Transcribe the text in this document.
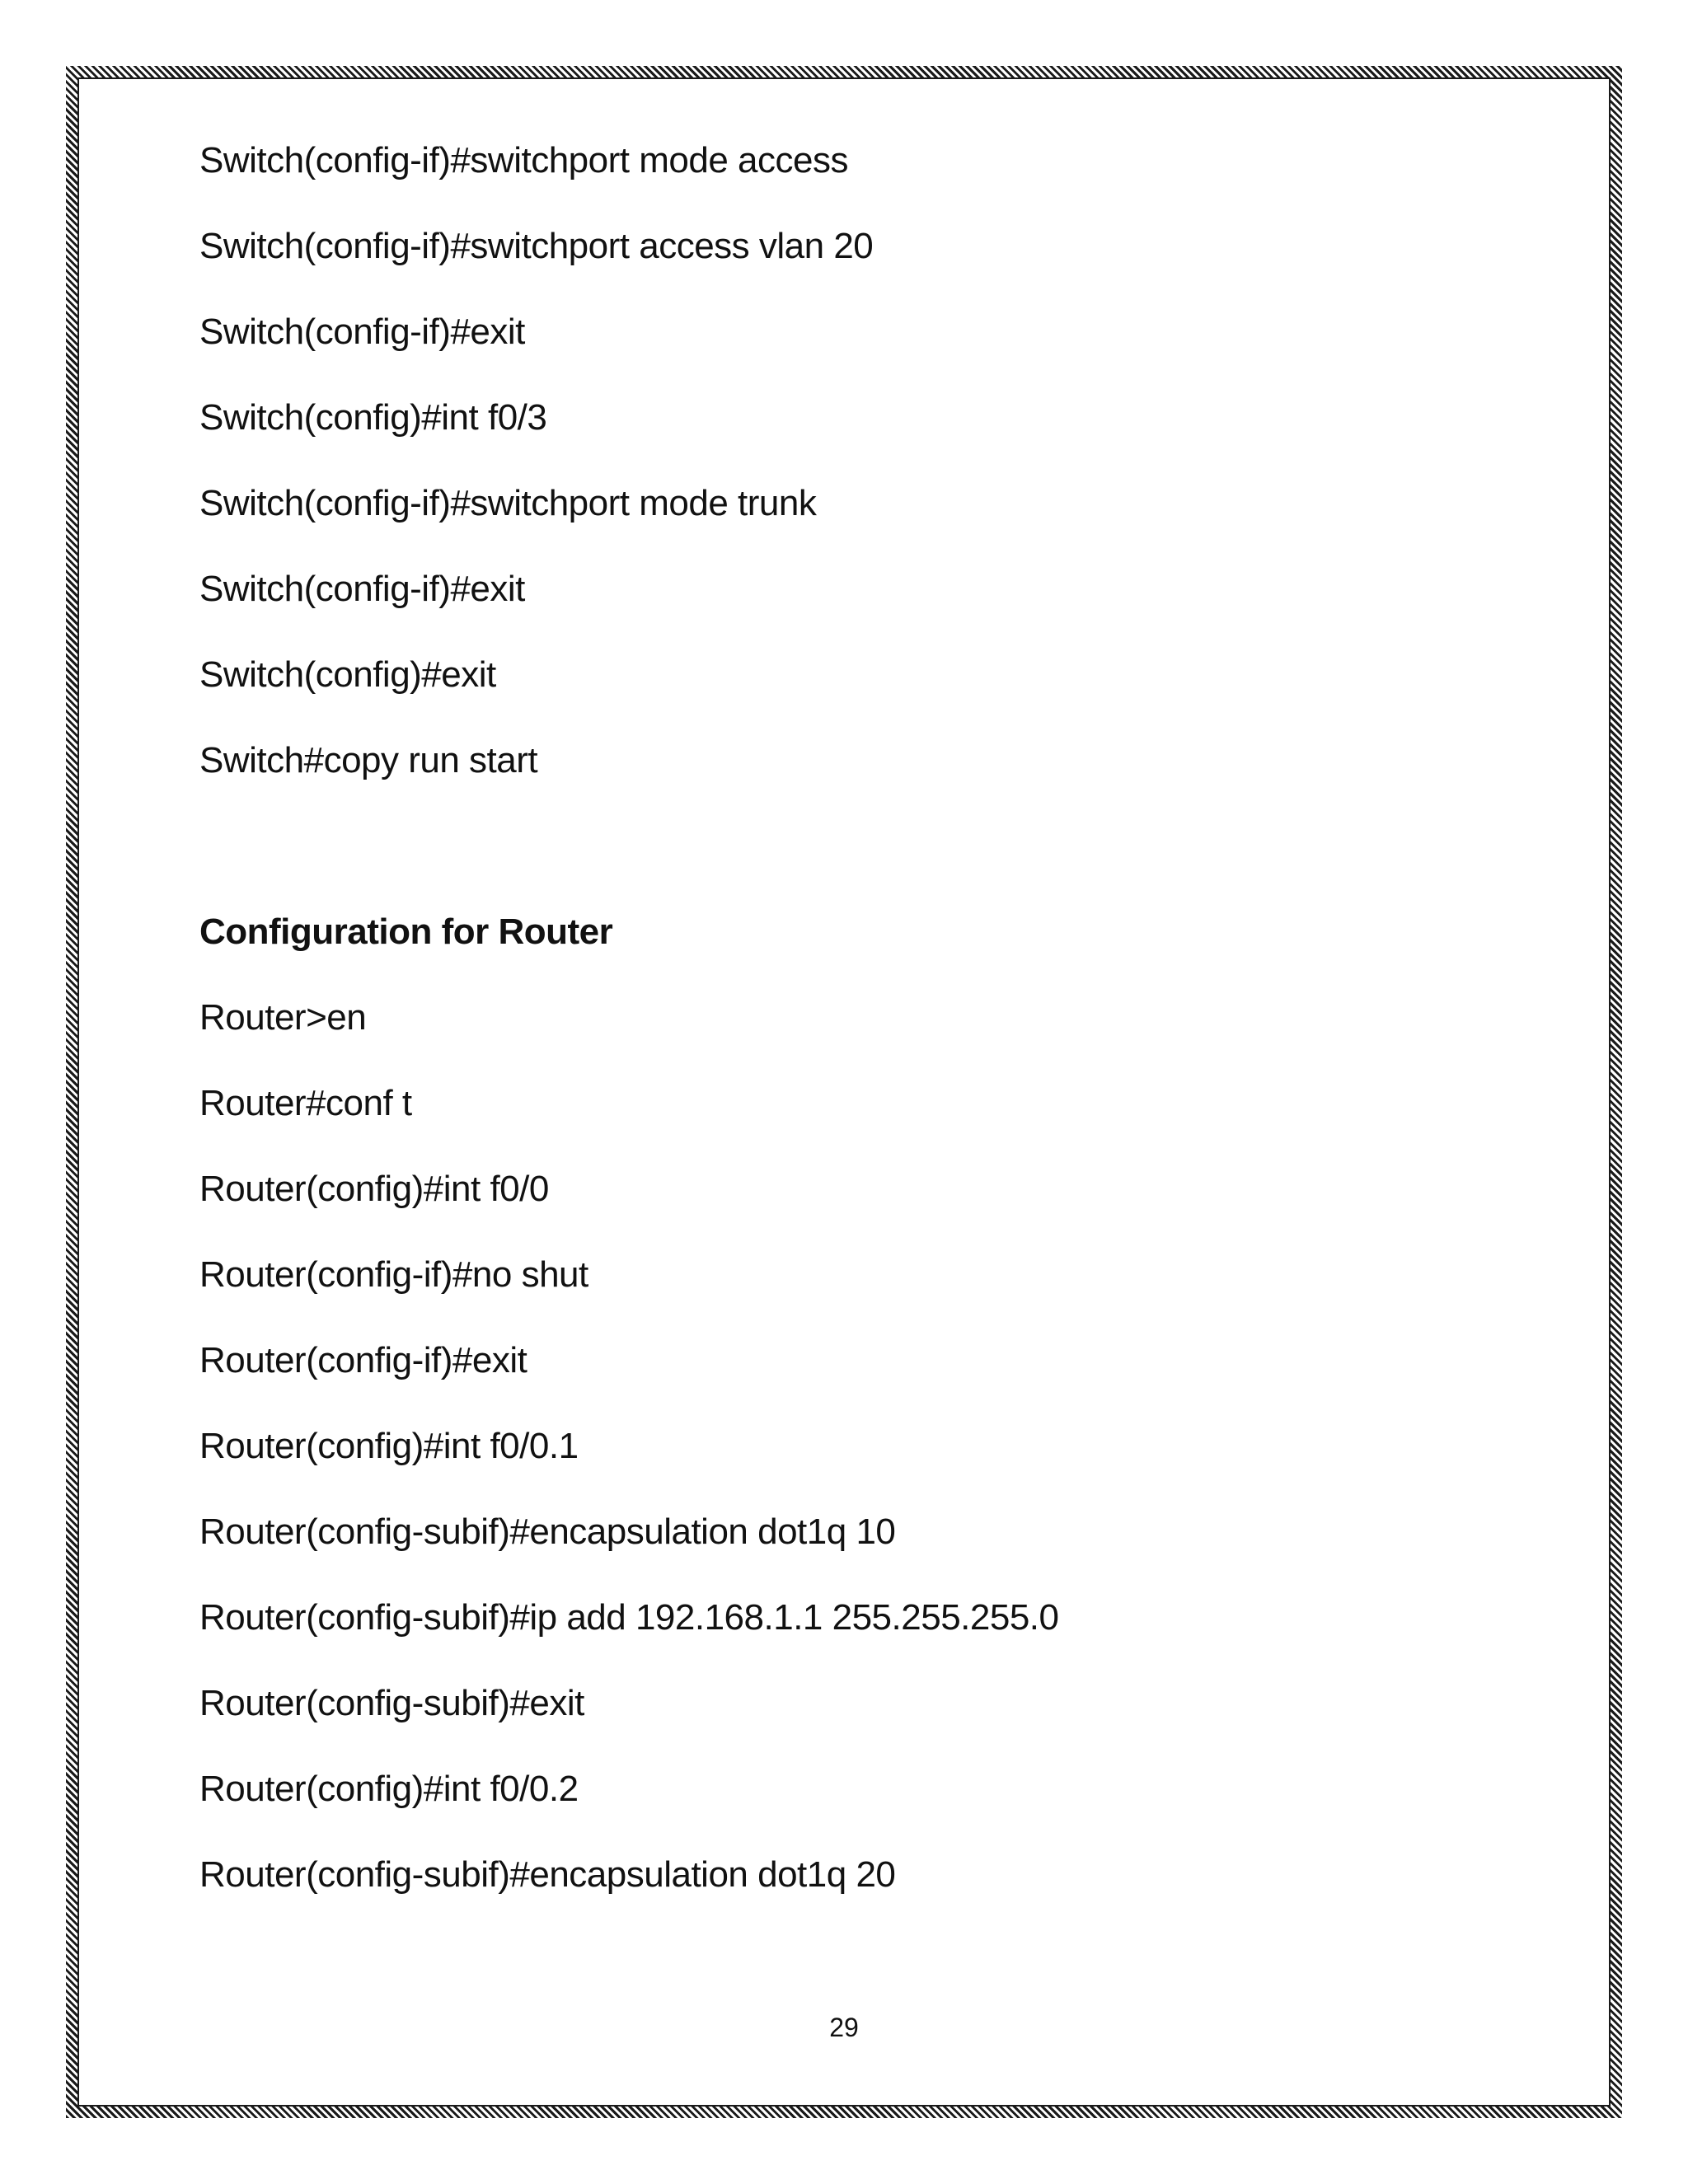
Switch(config-if)#switchport mode access
Switch(config-if)#switchport access vlan 20
Switch(config-if)#exit
Switch(config)#int f0/3
Switch(config-if)#switchport mode trunk
Switch(config-if)#exit
Switch(config)#exit
Switch#copy run start
Configuration for Router
Router>en
Router#conf t
Router(config)#int f0/0
Router(config-if)#no shut
Router(config-if)#exit
Router(config)#int f0/0.1
Router(config-subif)#encapsulation dot1q 10
Router(config-subif)#ip add 192.168.1.1 255.255.255.0
Router(config-subif)#exit
Router(config)#int f0/0.2
Router(config-subif)#encapsulation dot1q 20
29
